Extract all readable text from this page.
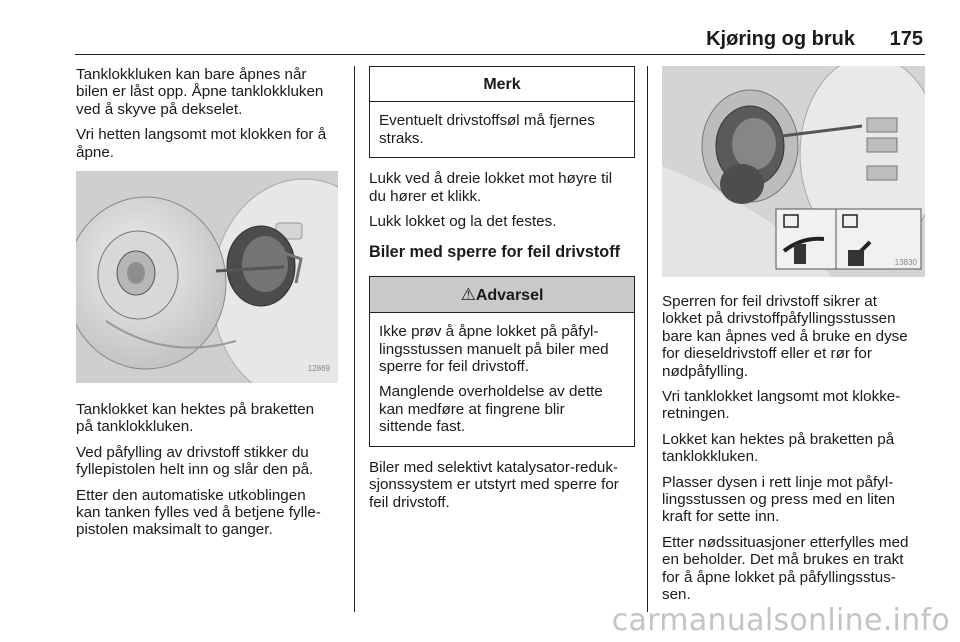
Kjøring og bruk 175

Tanklokkluken kan bare åpnes når
bilen er låst opp. Åpne tanklokkluken
ved å skyve på dekselet.

Vri hetten langsomt mot klokken for å
åpne.

12869

Tanklokket kan hektes på braketten
på tanklokkluken.

Ved påfylling av drivstoff stikker du
fyllepistolen helt inn og slår den på.

Etter den automatiske utkoblingen
kan tanken fylles ved å betjene fylle-
pistolen maksimalt to ganger.

Merk

Eventuelt drivstoffsøl må fjernes
straks.

Lukk ved å dreie lokket mot høyre til
du hører et klikk.

Lukk lokket og la det festes.

Biler med sperre for feil drivstoff
⚠Advarsel

Ikke prøv å åpne lokket på påfyl-
lingsstussen manuelt på biler med
sperre for feil drivstoff.

Manglende overholdelse av dette
kan medføre at fingrene blir
sittende fast.

Biler med selektivt katalysator-reduk-
sjonssystem er utstyrt med sperre for
feil drivstoff.

13830

Sperren for feil drivstoff sikrer at
lokket på drivstoffpåfyllingsstussen
bare kan åpnes ved å bruke en dyse
for dieseldrivstoff eller et rør for
nødpåfylling.

Vri tanklokket langsomt mot klokke-
retningen.

Lokket kan hektes på braketten på
tanklokkluken.

Plasser dysen i rett linje mot påfyl-
lingsstussen og press med en liten
kraft for sette inn.

Etter nødssituasjoner etterfylles med
en beholder. Det må brukes en trakt
for å åpne lokket på påfyllingsstus-
sen.

carmanualsonline.info
